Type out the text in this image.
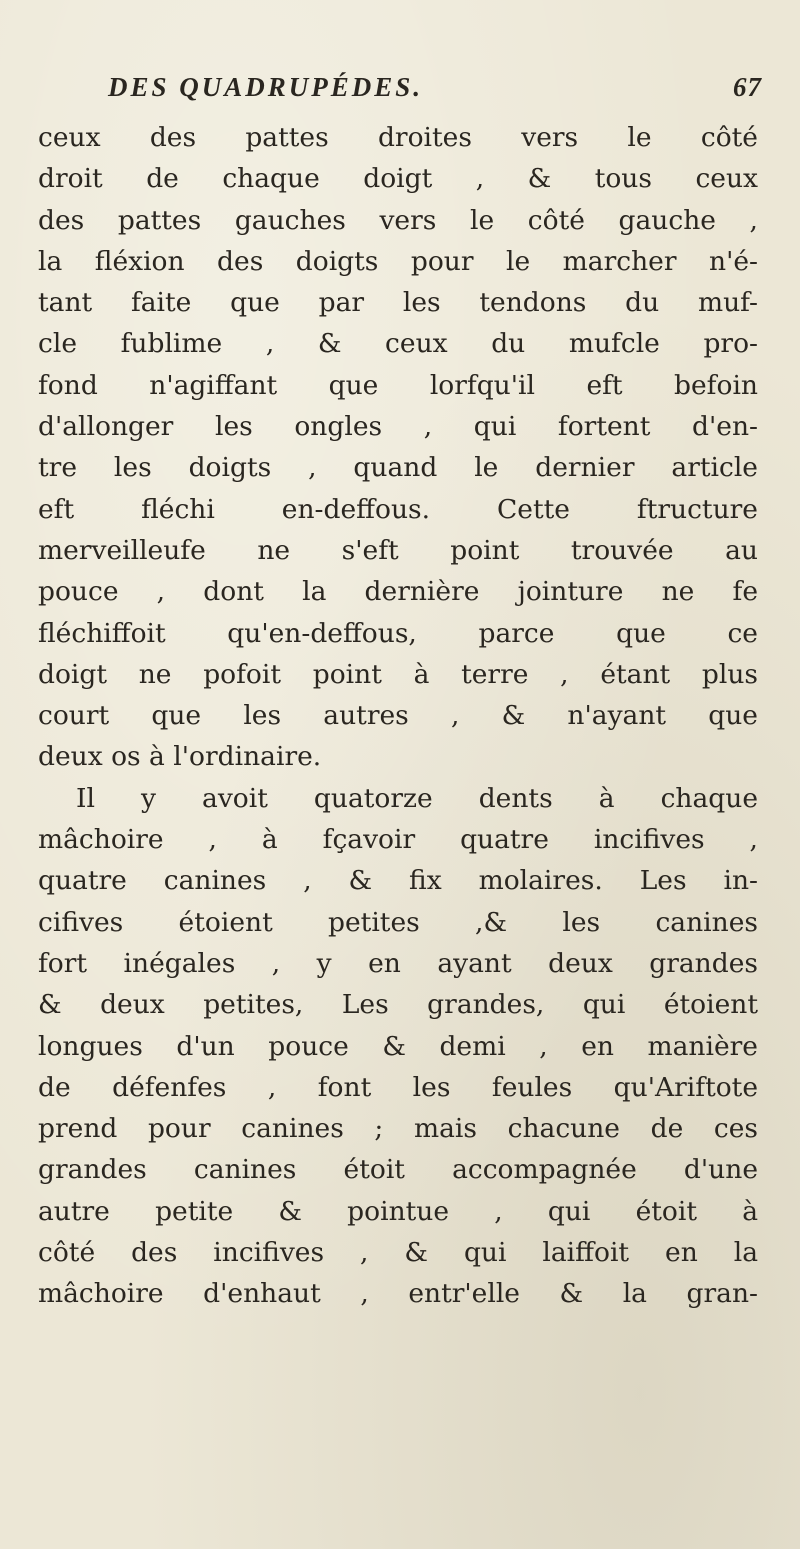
DES QUADRUPÉDES.	67
ceux des pattes droites vers le côté
droit de chaque doigt , & tous ceux
des pattes gauches vers le côté gauche ,
la fléxion des doigts pour le marcher n'é-
tant faite que par les tendons du muf-
cle fublime , & ceux du mufcle pro-
fond n'agiffant que lorfqu'il eft befoin
d'allonger les ongles , qui fortent d'en-
tre les doigts , quand le dernier article
eft fléchi en-deffous. Cette ftructure
merveilleufe ne s'eft point trouvée au
pouce , dont la dernière jointure ne fe
fléchiffoit qu'en-deffous, parce que ce
doigt ne pofoit point à terre , étant plus
court que les autres , & n'ayant que
deux os à l'ordinaire.
Il y avoit quatorze dents à chaque
mâchoire , à fçavoir quatre incifives ,
quatre canines , & fix molaires. Les in-
cifives étoient petites ,& les canines
fort inégales , y en ayant deux grandes
& deux petites, Les grandes, qui étoient
longues d'un pouce & demi , en manière
de défenfes , font les feules qu'Ariftote
prend pour canines ; mais chacune de ces
grandes canines étoit accompagnée d'une
autre petite & pointue , qui étoit à
côté des incifives , & qui laiffoit en la
mâchoire d'enhaut , entr'elle & la gran-
